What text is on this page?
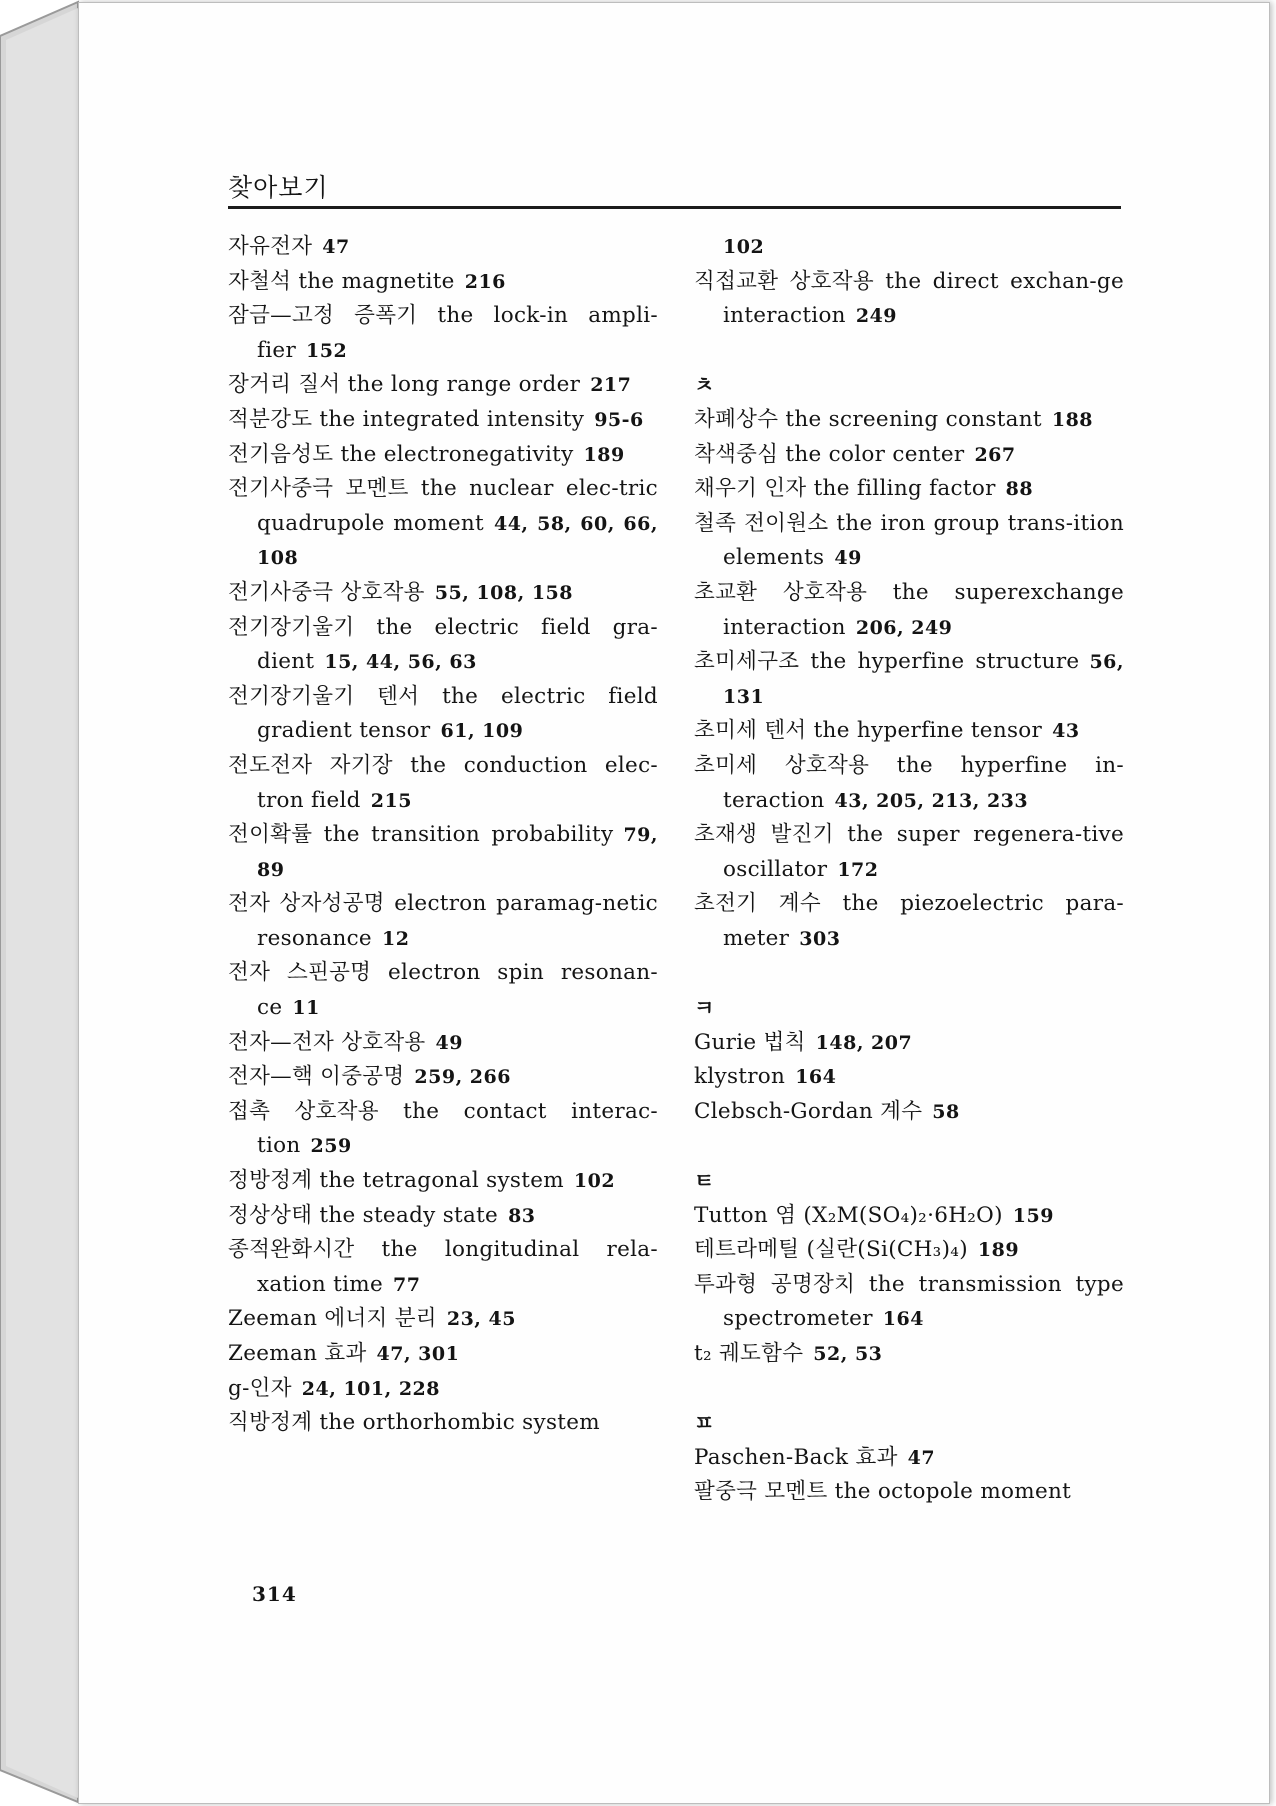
찾아보기
자유전자 47
자철석 the magnetite 216
잠금—고정 증폭기 the lock-in ampli-fier 152
장거리 질서 the long range order 217
적분강도 the integrated intensity 95-6
전기음성도 the electronegativity 189
전기사중극 모멘트 the nuclear elec-tric quadrupole moment 44, 58, 60, 66, 108
전기사중극 상호작용 55, 108, 158
전기장기울기 the electric field gra-dient 15, 44, 56, 63
전기장기울기 텐서 the electric field gradient tensor 61, 109
전도전자 자기장 the conduction elec-tron field 215
전이확률 the transition probability 79, 89
전자 상자성공명 electron paramag-netic resonance 12
전자 스핀공명 electron spin resonan-ce 11
전자—전자 상호작용 49
전자—핵 이중공명 259, 266
접촉 상호작용 the contact interac-tion 259
정방정계 the tetragonal system 102
정상상태 the steady state 83
종적완화시간 the longitudinal rela-xation time 77
Zeeman 에너지 분리 23, 45
Zeeman 효과 47, 301
g-인자 24, 101, 228
직방정계 the orthorhombic system
102
직접교환 상호작용 the direct exchan-ge interaction 249
ㅊ
차폐상수 the screening constant 188
착색중심 the color center 267
채우기 인자 the filling factor 88
철족 전이원소 the iron group trans-ition elements 49
초교환 상호작용 the superexchange interaction 206, 249
초미세구조 the hyperfine structure 56, 131
초미세 텐서 the hyperfine tensor 43
초미세 상호작용 the hyperfine in-teraction 43, 205, 213, 233
초재생 발진기 the super regenera-tive oscillator 172
초전기 계수 the piezoelectric para-meter 303
ㅋ
Gurie 법칙 148, 207
klystron 164
Clebsch-Gordan 계수 58
ㅌ
Tutton 염 (X₂M(SO₄)₂·6H₂O) 159
테트라메틸 (실란(Si(CH₃)₄) 189
투과형 공명장치 the transmission type spectrometer 164
t₂ 궤도함수 52, 53
ㅍ
Paschen-Back 효과 47
팔중극 모멘트 the octopole moment
314
